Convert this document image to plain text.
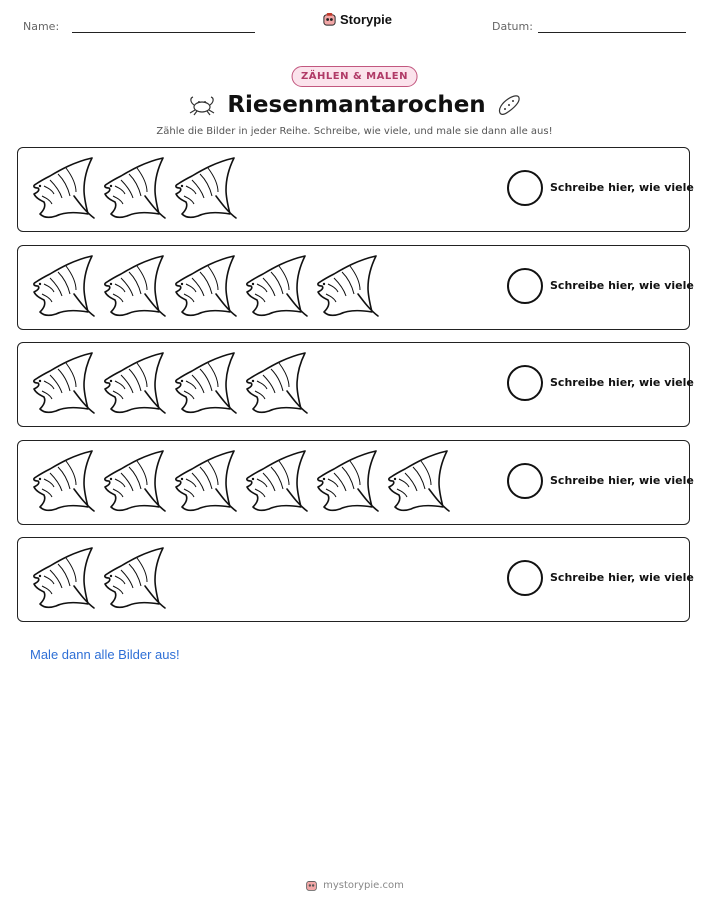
Name:	Storypie	Datum:
ZÄHLEN & MALEN
Riesenmantarochen
Zähle die Bilder in jeder Reihe. Schreibe, wie viele, und male sie dann alle aus!
Schreibe hier, wie viele
Schreibe hier, wie viele
Schreibe hier, wie viele
Schreibe hier, wie viele
Schreibe hier, wie viele
Male dann alle Bilder aus!
mystorypie.com
